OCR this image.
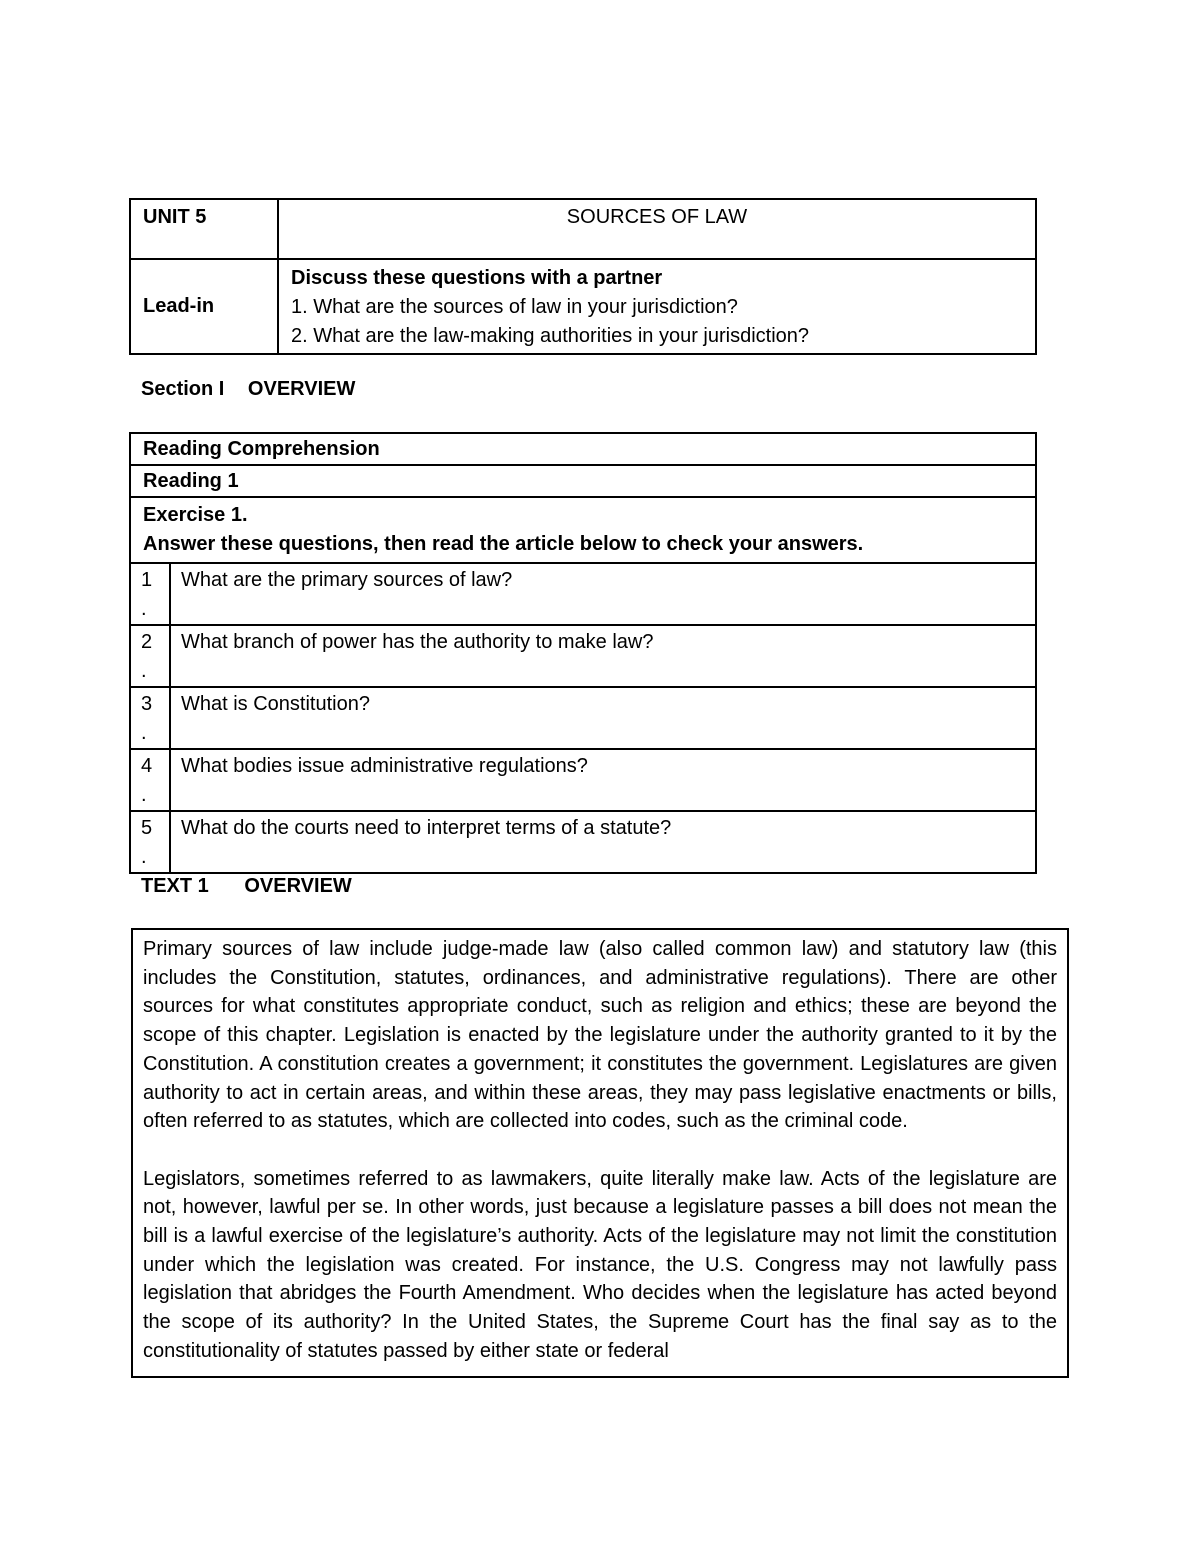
UNIT 5	SOURCES OF LAW
Lead-in	Discuss these questions with a partner
1. What are the sources of law in your jurisdiction?
2. What are the law-making authorities in your jurisdiction?
Section I OVERVIEW
Reading Comprehension	
Reading 1	

Exercise 1.
Answer these questions, then read the article below to check your answers.	

1
.	What are the primary sources of law?

2
.	What branch of power has the authority to make law?

3
.	What is Constitution?

4
.	What bodies issue administrative regulations?

5
.	What do the courts need to interpret terms of a statute?
TEXT 1 OVERVIEW

Primary sources of law include judge-made law (also called common law) and statutory law (this includes the Constitution, statutes, ordinances, and administrative regulations). There are other sources for what constitutes appropriate conduct, such as religion and ethics; these are beyond the scope of this chapter. Legislation is enacted by the legislature under the authority granted to it by the Constitution. A constitution creates a government; it constitutes the government. Legislatures are given authority to act in certain areas, and within these areas, they may pass legislative enactments or bills, often referred to as statutes, which are collected into codes, such as the criminal code.

Legislators, sometimes referred to as lawmakers, quite literally make law. Acts of the legislature are not, however, lawful per se. In other words, just because a legislature passes a bill does not mean the bill is a lawful exercise of the legislature’s authority. Acts of the legislature may not limit the constitution under which the legislation was created. For instance, the U.S. Congress may not lawfully pass legislation that abridges the Fourth Amendment. Who decides when the legislature has acted beyond the scope of its authority? In the United States, the Supreme Court has the final say as to the constitutionality of statutes passed by either state or federal
